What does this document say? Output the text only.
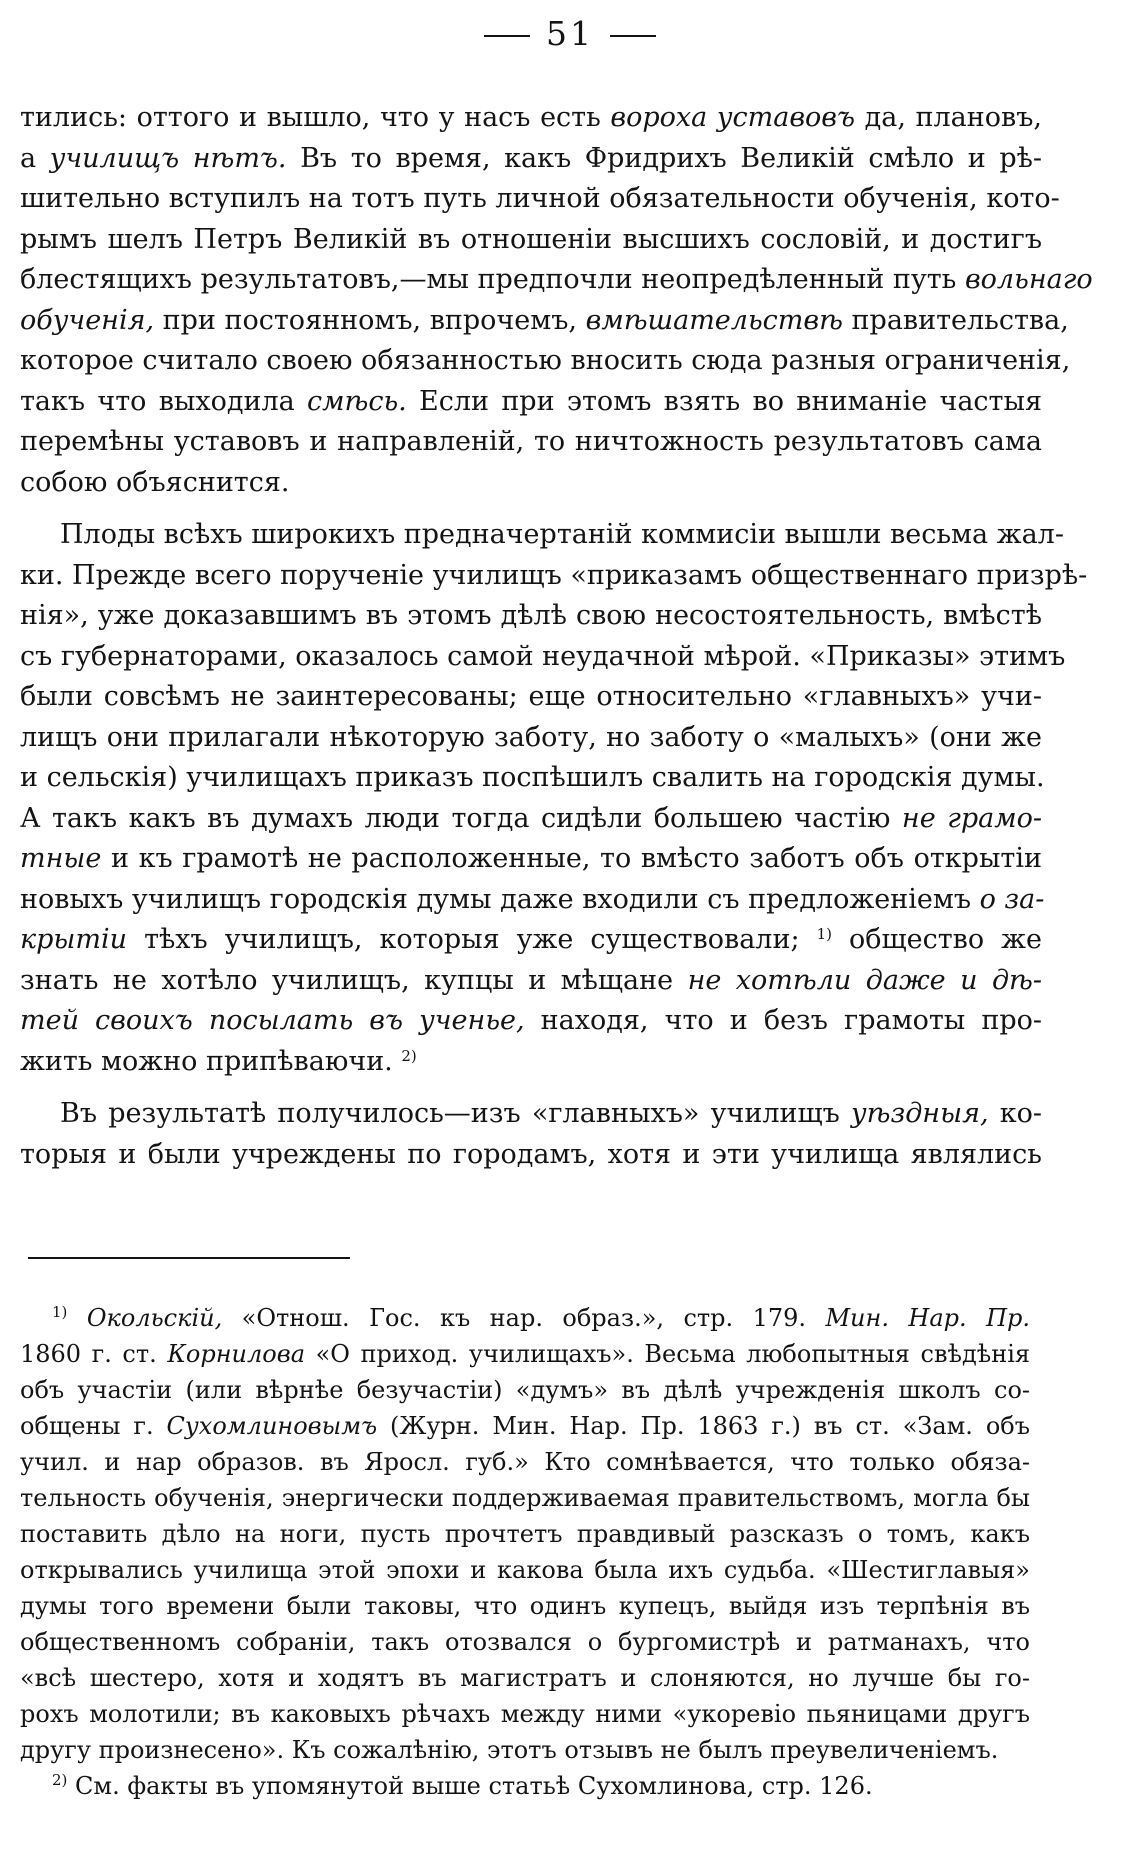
51
тились: оттого и вышло, что у насъ есть вороха уставовъ да, плановъ,
а училищъ нѣтъ. Въ то время, какъ Фридрихъ Великій смѣло и рѣ-
шительно вступилъ на тотъ путь личной обязательности обученія, кото-
рымъ шелъ Петръ Великій въ отношеніи высшихъ сословій, и достигъ
блестящихъ результатовъ,—мы предпочли неопредѣленный путь вольнаго
обученія, при постоянномъ, впрочемъ, вмѣшательствѣ правительства,
которое считало своею обязанностью вносить сюда разныя ограниченія,
такъ что выходила смѣсь. Если при этомъ взять во вниманіе частыя
перемѣны уставовъ и направленій, то ничтожность результатовъ сама
собою объяснится.
Плоды всѣхъ широкихъ предначертаній коммисіи вышли весьма жал-
ки. Прежде всего порученіе училищъ «приказамъ общественнаго призрѣ-
нія», уже доказавшимъ въ этомъ дѣлѣ свою несостоятельность, вмѣстѣ
съ губернаторами, оказалось самой неудачной мѣрой. «Приказы» этимъ
были совсѣмъ не заинтересованы; еще относительно «главныхъ» учи-
лищъ они прилагали нѣкоторую заботу, но заботу о «малыхъ» (они же
и сельскія) училищахъ приказъ поспѣшилъ свалить на городскія думы.
А такъ какъ въ думахъ люди тогда сидѣли большею частію не грамо-
тные и къ грамотѣ не расположенные, то вмѣсто заботъ объ открытіи
новыхъ училищъ городскія думы даже входили съ предложеніемъ о за-
крытіи тѣхъ училищъ, которыя уже существовали; $^{1)}$ общество же
знать не хотѣло училищъ, купцы и мѣщане не хотѣли даже и дѣ-
тей своихъ посылать въ ученье, находя, что и безъ грамоты про-
жить можно припѣваючи. $^{2)}$
Въ результатѣ получилось—изъ «главныхъ» училищъ уѣздныя, ко-
торыя и были учреждены по городамъ, хотя и эти училища являлись
$^{1)}$ Окольскій, «Отнош. Гос. къ нар. образ.», стр. 179. Мин. Нар. Пр.
1860 г. ст. Корнилова «О приход. училищахъ». Весьма любопытныя свѣдѣнія
объ участіи (или вѣрнѣе безучастіи) «думъ» въ дѣлѣ учрежденія школъ со-
общены г. Сухомлиновымъ (Журн. Мин. Нар. Пр. 1863 г.) въ ст. «Зам. объ
учил. и нар образов. въ Яросл. губ.» Кто сомнѣвается, что только обяза-
тельность обученія, энергически поддерживаемая правительствомъ, могла бы
поставить дѣло на ноги, пусть прочтетъ правдивый разсказъ о томъ, какъ
открывались училища этой эпохи и какова была ихъ судьба. «Шестиглавыя»
думы того времени были таковы, что одинъ купецъ, выйдя изъ терпѣнія въ
общественномъ собраніи, такъ отозвался о бургомистрѣ и ратманахъ, что
«всѣ шестеро, хотя и ходятъ въ магистратъ и слоняются, но лучше бы го-
рохъ молотили; въ каковыхъ рѣчахъ между ними «укоревіо пьяницами другъ
другу произнесено». Къ сожалѣнію, этотъ отзывъ не былъ преувеличеніемъ.
$^{2)}$ См. факты въ упомянутой выше статьѣ Сухомлинова, стр. 126.
